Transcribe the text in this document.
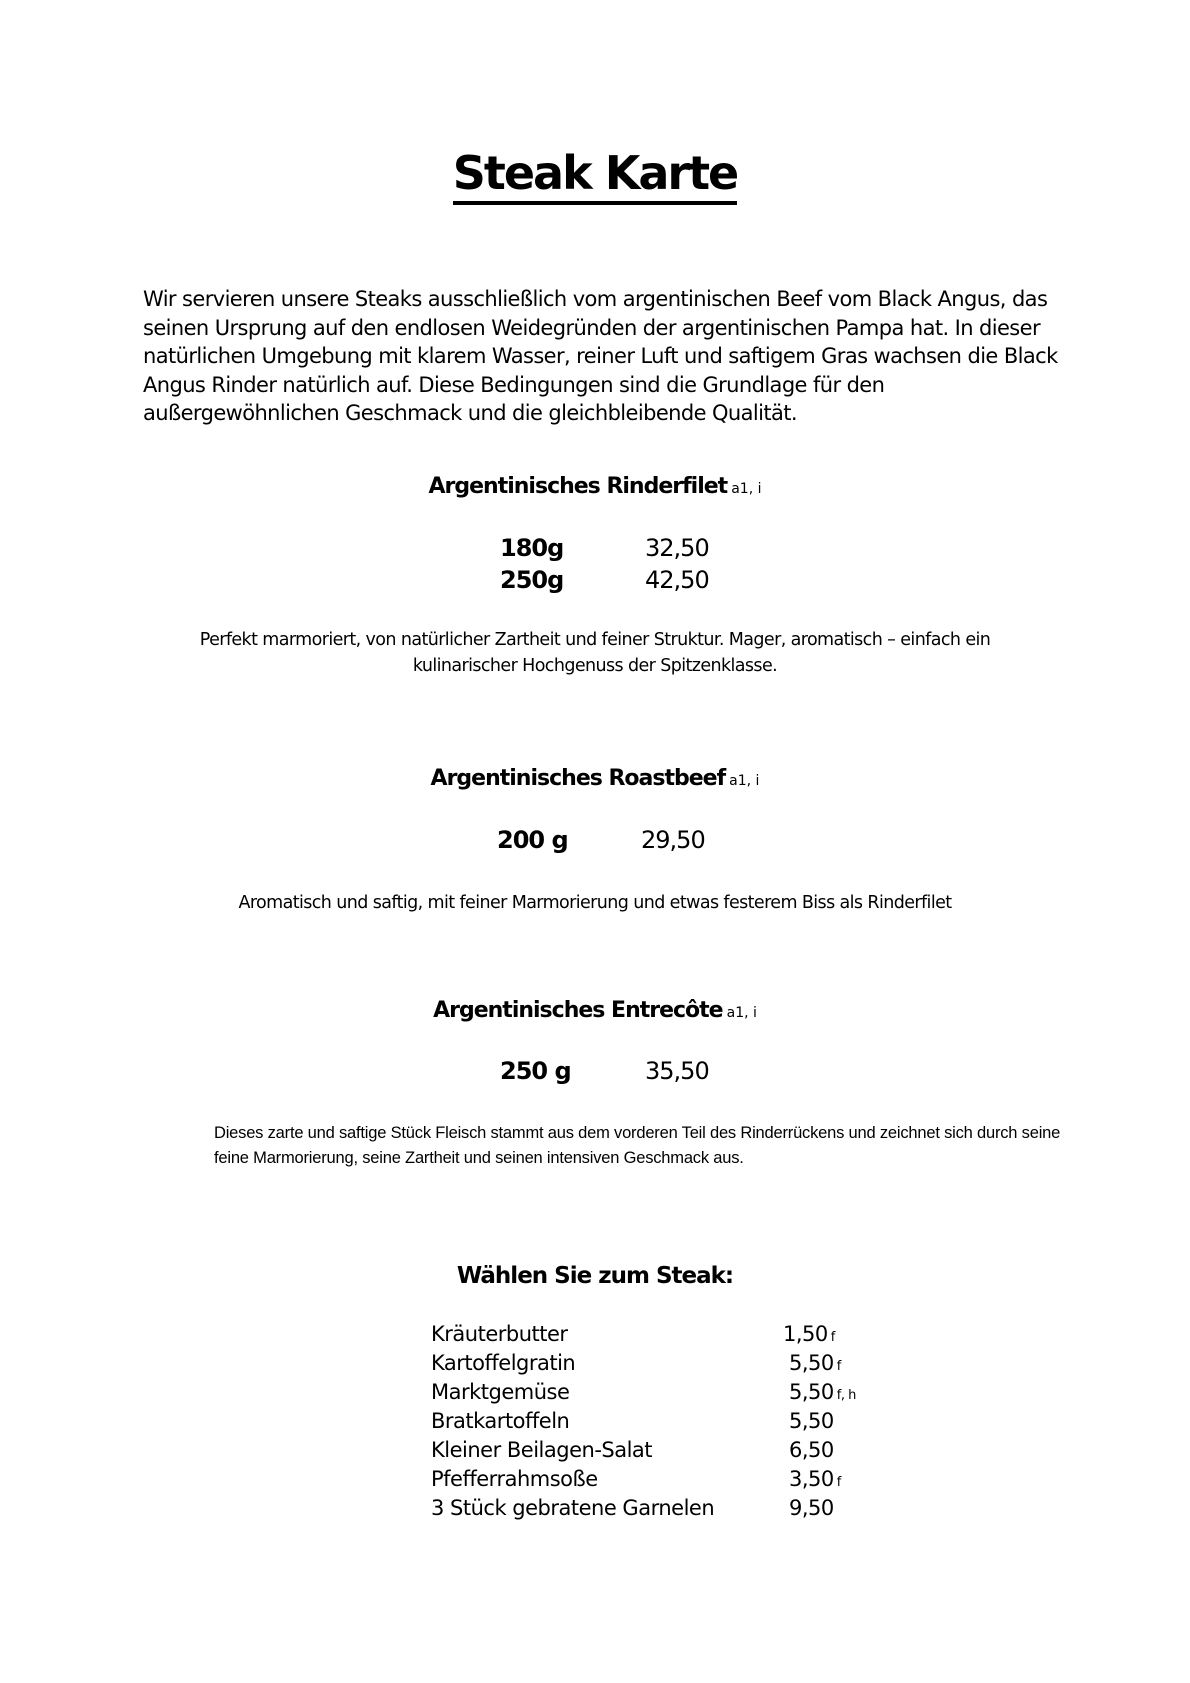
Steak Karte
Wir servieren unsere Steaks ausschließlich vom argentinischen Beef vom Black Angus, das seinen Ursprung auf den endlosen Weidegründen der argentinischen Pampa hat. In dieser natürlichen Umgebung mit klarem Wasser, reiner Luft und saftigem Gras wachsen die Black Angus Rinder natürlich auf. Diese Bedingungen sind die Grundlage für den außergewöhnlichen Geschmack und die gleichbleibende Qualität.
Argentinisches Rinderfilet a1, i
180g	32,50
250g	42,50
Perfekt marmoriert, von natürlicher Zartheit und feiner Struktur. Mager, aromatisch – einfach ein kulinarischer Hochgenuss der Spitzenklasse.
Argentinisches Roastbeef a1, i
200 g	29,50
Aromatisch und saftig, mit feiner Marmorierung und etwas festerem Biss als Rinderfilet
Argentinisches Entrecôte a1, i
250 g	35,50
Dieses zarte und saftige Stück Fleisch stammt aus dem vorderen Teil des Rinderrückens und zeichnet sich durch seine feine Marmorierung, seine Zartheit und seinen intensiven Geschmack aus.
Wählen Sie zum Steak:
Kräuterbutter	1,50 f
Kartoffelgratin	5,50 f
Marktgemüse	5,50 f, h
Bratkartoffeln	5,50
Kleiner Beilagen-Salat	6,50
Pfefferrahmsoße	3,50 f
3 Stück gebratene Garnelen	9,50
